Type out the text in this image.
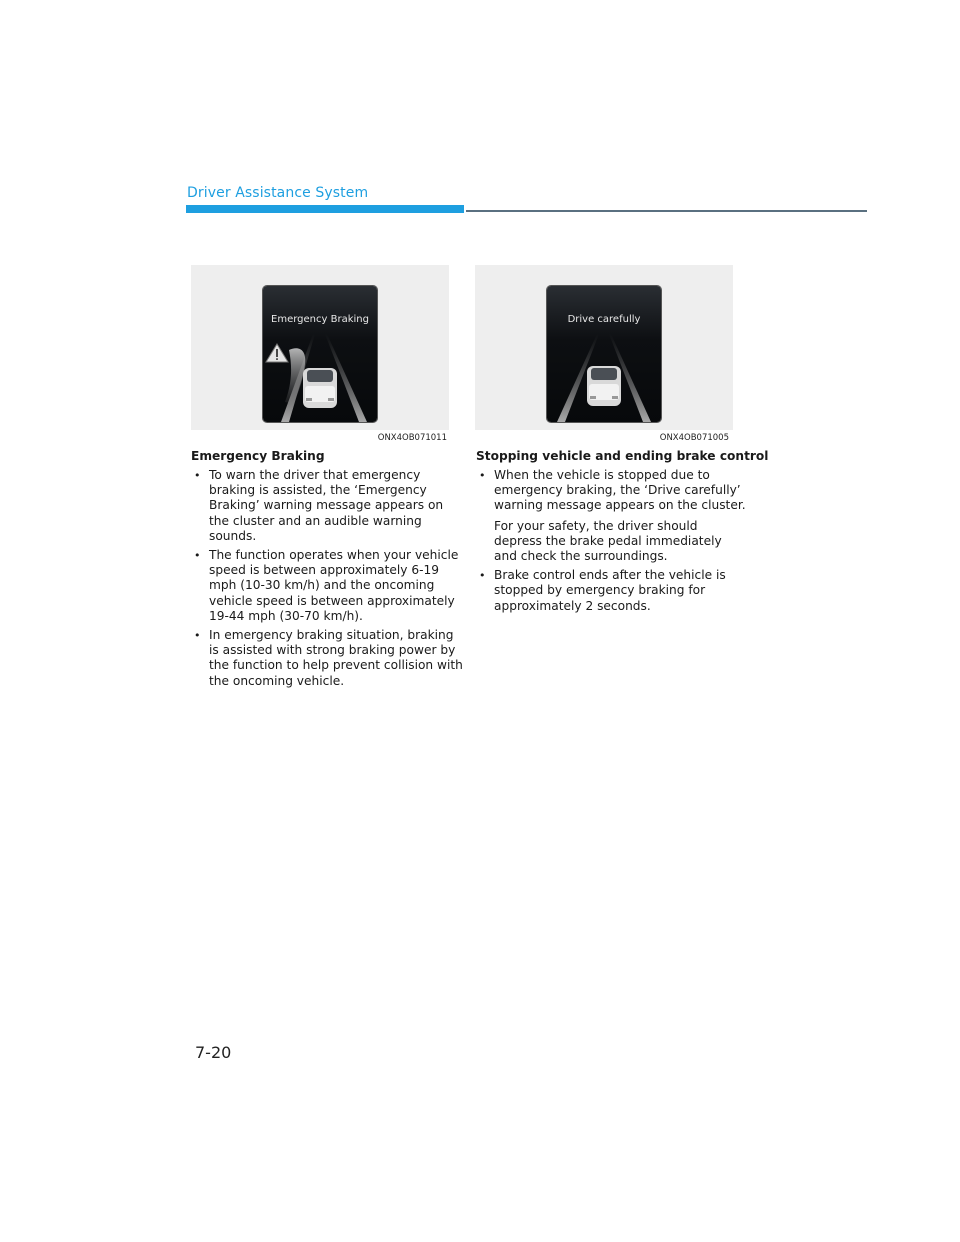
Driver Assistance System
Emergency Braking
ONX4OB071011
Drive carefully
ONX4OB071005
Emergency Braking
• To warn the driver that emergency braking is assisted, the ‘Emergency Braking’ warning message appears on the cluster and an audible warning sounds.

• The function operates when your vehicle speed is between approximately 6-19 mph (10-30 km/h) and the oncoming vehicle speed is between approximately 19-44 mph (30-70 km/h).

• In emergency braking situation, braking is assisted with strong braking power by the function to help prevent collision with the oncoming vehicle.

Stopping vehicle and ending brake control
• When the vehicle is stopped due to emergency braking, the ‘Drive carefully’ warning message appears on the cluster.

For your safety, the driver should depress the brake pedal immediately and check the surroundings.

• Brake control ends after the vehicle is stopped by emergency braking for approximately 2 seconds.

7-20
